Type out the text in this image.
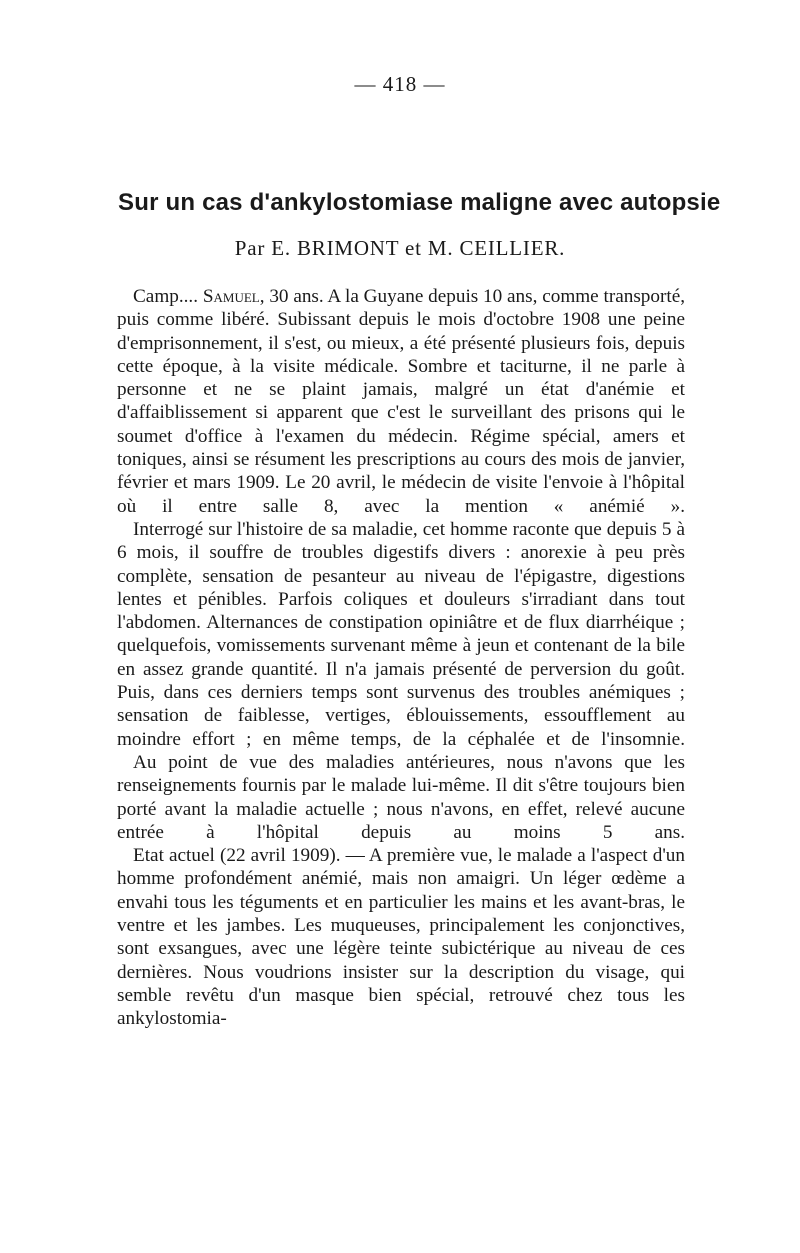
— 418 —
Sur un cas d'ankylostomiase maligne avec autopsie
Par E. BRIMONT et M. CEILLIER.

Camp.... Samuel, 30 ans. A la Guyane depuis 10 ans, comme transporté, puis comme libéré. Subissant depuis le mois d'octobre 1908 une peine d'emprisonnement, il s'est, ou mieux, a été présenté plusieurs fois, depuis cette époque, à la visite médicale. Sombre et taciturne, il ne parle à personne et ne se plaint jamais, malgré un état d'anémie et d'affaiblissement si apparent que c'est le surveillant des prisons qui le soumet d'office à l'examen du médecin. Régime spécial, amers et toniques, ainsi se résument les prescriptions au cours des mois de janvier, février et mars 1909. Le 20 avril, le médecin de visite l'envoie à l'hôpital où il entre salle 8, avec la mention « anémié ».

Interrogé sur l'histoire de sa maladie, cet homme raconte que depuis 5 à 6 mois, il souffre de troubles digestifs divers : anorexie à peu près complète, sensation de pesanteur au niveau de l'épigastre, digestions lentes et pénibles. Parfois coliques et douleurs s'irradiant dans tout l'abdomen. Alternances de constipation opiniâtre et de flux diarrhéique ; quelquefois, vomissements survenant même à jeun et contenant de la bile en assez grande quantité. Il n'a jamais présenté de perversion du goût. Puis, dans ces derniers temps sont survenus des troubles anémiques ; sensation de faiblesse, vertiges, éblouissements, essoufflement au moindre effort ; en même temps, de la céphalée et de l'insomnie.

Au point de vue des maladies antérieures, nous n'avons que les renseignements fournis par le malade lui-même. Il dit s'être toujours bien porté avant la maladie actuelle ; nous n'avons, en effet, relevé aucune entrée à l'hôpital depuis au moins 5 ans.

Etat actuel (22 avril 1909). — A première vue, le malade a l'aspect d'un homme profondément anémié, mais non amaigri. Un léger œdème a envahi tous les téguments et en particulier les mains et les avant-bras, le ventre et les jambes. Les muqueuses, principalement les conjonctives, sont exsangues, avec une légère teinte subictérique au niveau de ces dernières. Nous voudrions insister sur la description du visage, qui semble revêtu d'un masque bien spécial, retrouvé chez tous les ankylostomia-
